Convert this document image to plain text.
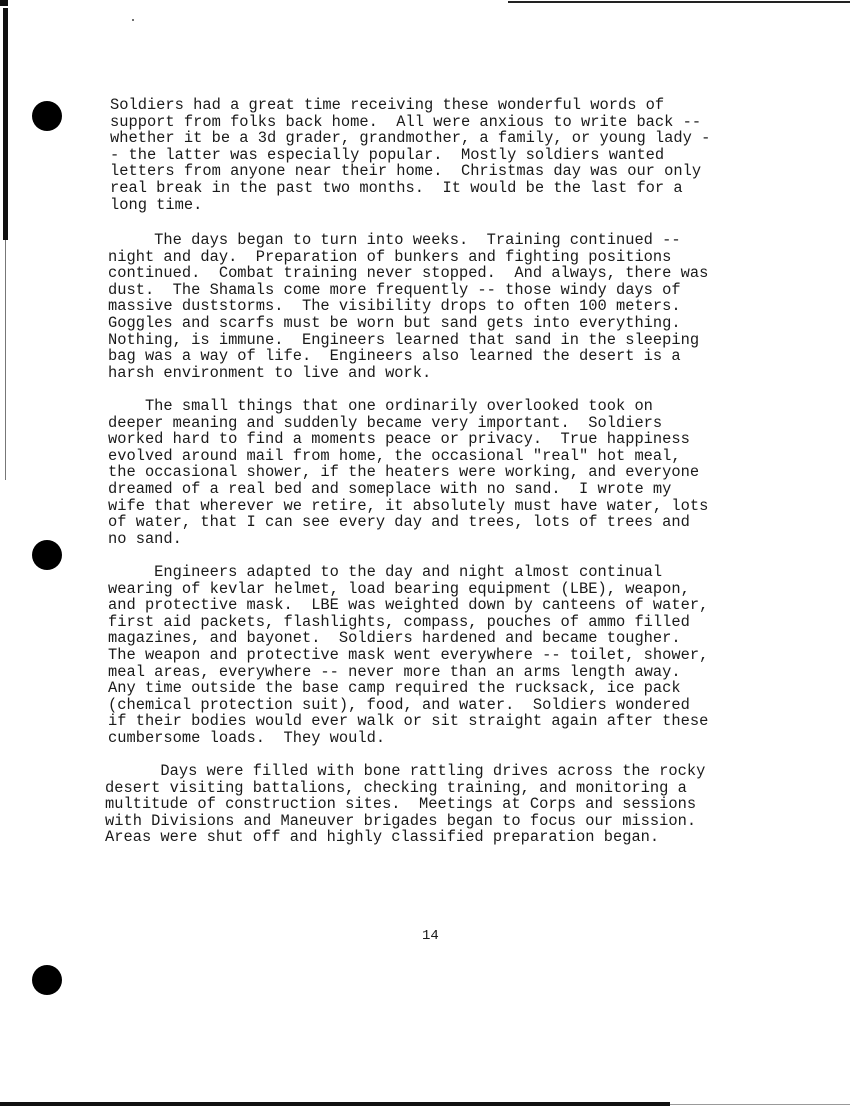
Soldiers had a great time receiving these wonderful words of
support from folks back home.  All were anxious to write back --
whether it be a 3d grader, grandmother, a family, or young lady -
- the latter was especially popular.  Mostly soldiers wanted
letters from anyone near their home.  Christmas day was our only
real break in the past two months.  It would be the last for a
long time.

The days began to turn into weeks.  Training continued --
night and day.  Preparation of bunkers and fighting positions
continued.  Combat training never stopped.  And always, there was
dust.  The Shamals come more frequently -- those windy days of
massive duststorms.  The visibility drops to often 100 meters.
Goggles and scarfs must be worn but sand gets into everything.
Nothing, is immune.  Engineers learned that sand in the sleeping
bag was a way of life.  Engineers also learned the desert is a
harsh environment to live and work.

The small things that one ordinarily overlooked took on
deeper meaning and suddenly became very important.  Soldiers
worked hard to find a moments peace or privacy.  True happiness
evolved around mail from home, the occasional "real" hot meal,
the occasional shower, if the heaters were working, and everyone
dreamed of a real bed and someplace with no sand.  I wrote my
wife that wherever we retire, it absolutely must have water, lots
of water, that I can see every day and trees, lots of trees and
no sand.

Engineers adapted to the day and night almost continual
wearing of kevlar helmet, load bearing equipment (LBE), weapon,
and protective mask.  LBE was weighted down by canteens of water,
first aid packets, flashlights, compass, pouches of ammo filled
magazines, and bayonet.  Soldiers hardened and became tougher.
The weapon and protective mask went everywhere -- toilet, shower,
meal areas, everywhere -- never more than an arms length away.
Any time outside the base camp required the rucksack, ice pack
(chemical protection suit), food, and water.  Soldiers wondered
if their bodies would ever walk or sit straight again after these
cumbersome loads.  They would.

Days were filled with bone rattling drives across the rocky
desert visiting battalions, checking training, and monitoring a
multitude of construction sites.  Meetings at Corps and sessions
with Divisions and Maneuver brigades began to focus our mission.
Areas were shut off and highly classified preparation began.

14
